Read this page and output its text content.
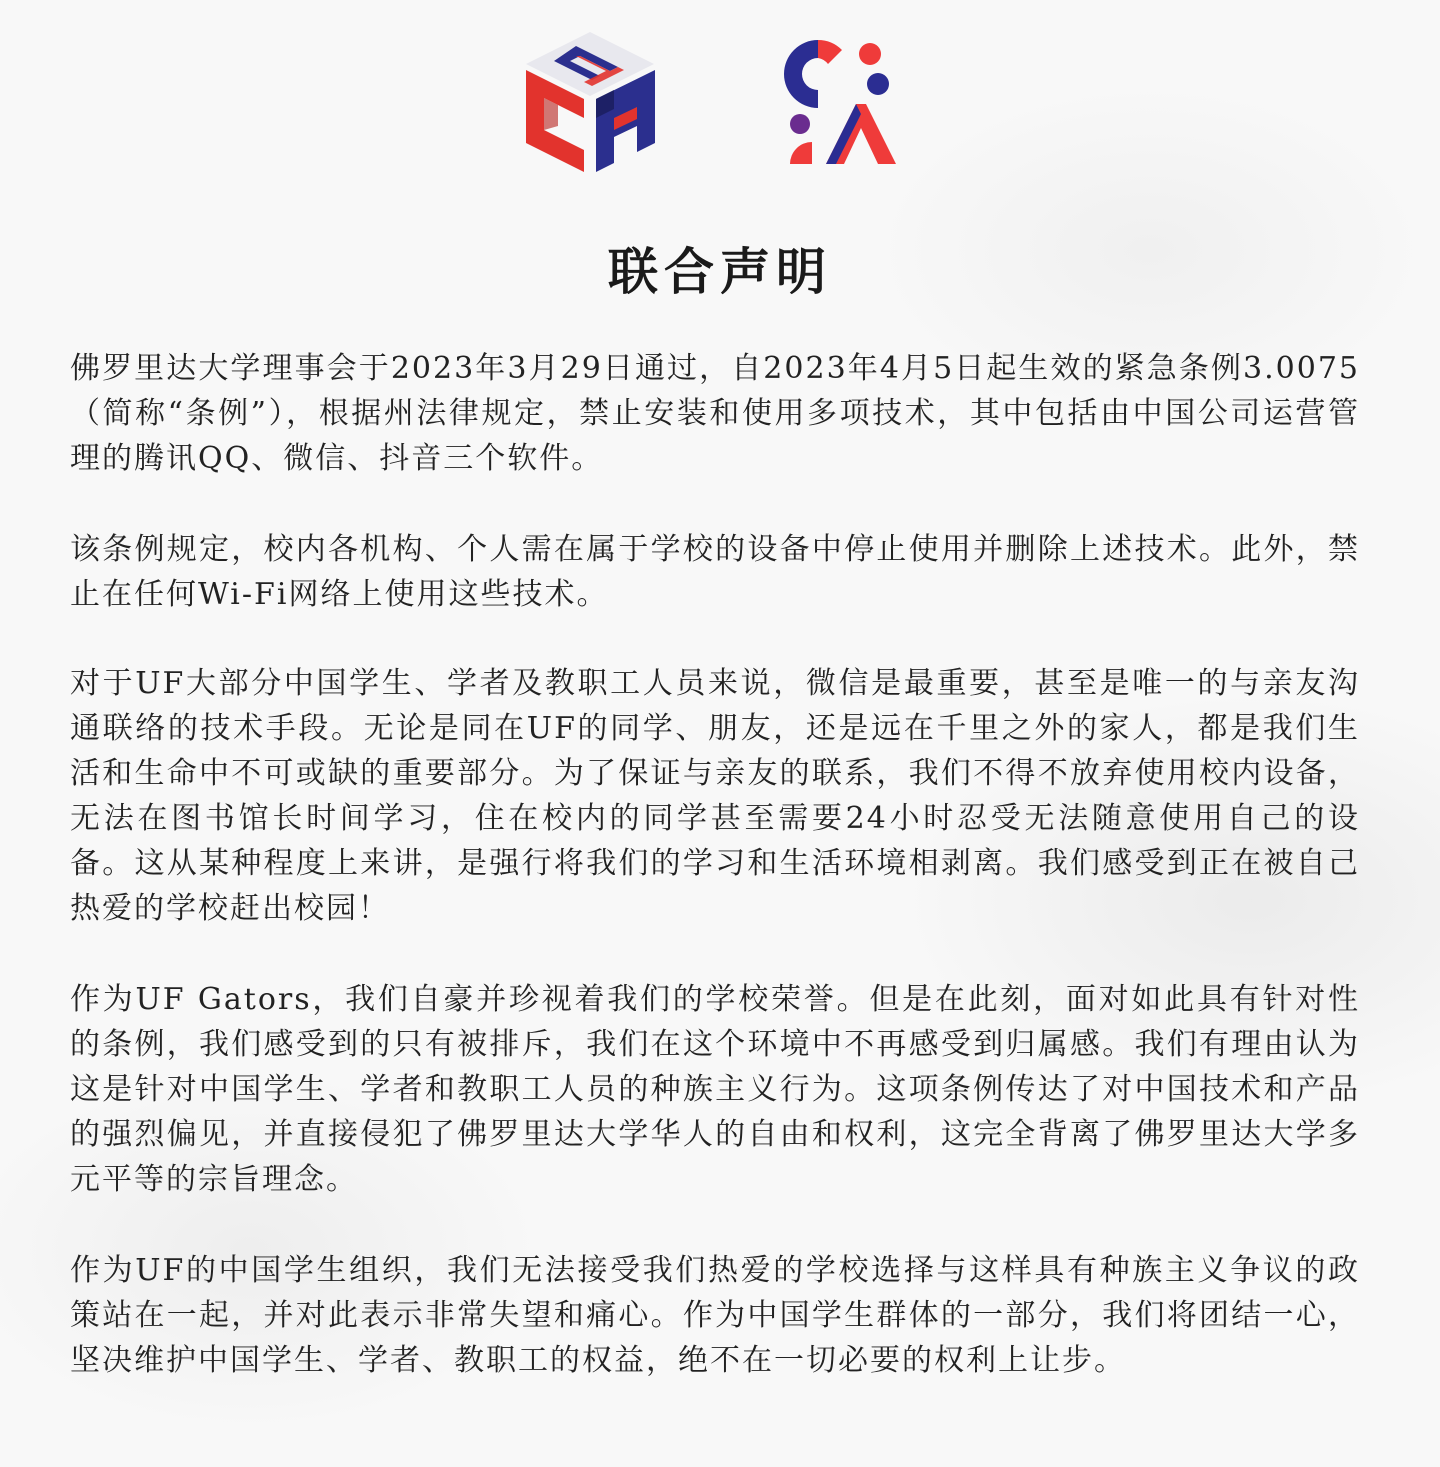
联合声明

佛罗里达大学理事会于2023年3月29日通过，自2023年4月5日起生效的紧急条例3.0075（简称“条例”），根据州法律规定，禁止安装和使用多项技术，其中包括由中国公司运营管理的腾讯QQ、微信、抖音三个软件。

该条例规定，校内各机构、个人需在属于学校的设备中停止使用并删除上述技术。此外，禁止在任何Wi-Fi网络上使用这些技术。

对于UF大部分中国学生、学者及教职工人员来说，微信是最重要，甚至是唯一的与亲友沟通联络的技术手段。无论是同在UF的同学、朋友，还是远在千里之外的家人，都是我们生活和生命中不可或缺的重要部分。为了保证与亲友的联系，我们不得不放弃使用校内设备，无法在图书馆长时间学习，住在校内的同学甚至需要24小时忍受无法随意使用自己的设备。这从某种程度上来讲，是强行将我们的学习和生活环境相剥离。我们感受到正在被自己热爱的学校赶出校园！

作为UF Gators，我们自豪并珍视着我们的学校荣誉。但是在此刻，面对如此具有针对性的条例，我们感受到的只有被排斥，我们在这个环境中不再感受到归属感。我们有理由认为这是针对中国学生、学者和教职工人员的种族主义行为。这项条例传达了对中国技术和产品的强烈偏见，并直接侵犯了佛罗里达大学华人的自由和权利，这完全背离了佛罗里达大学多元平等的宗旨理念。

作为UF的中国学生组织，我们无法接受我们热爱的学校选择与这样具有种族主义争议的政策站在一起，并对此表示非常失望和痛心。作为中国学生群体的一部分，我们将团结一心，坚决维护中国学生、学者、教职工的权益，绝不在一切必要的权利上让步。
